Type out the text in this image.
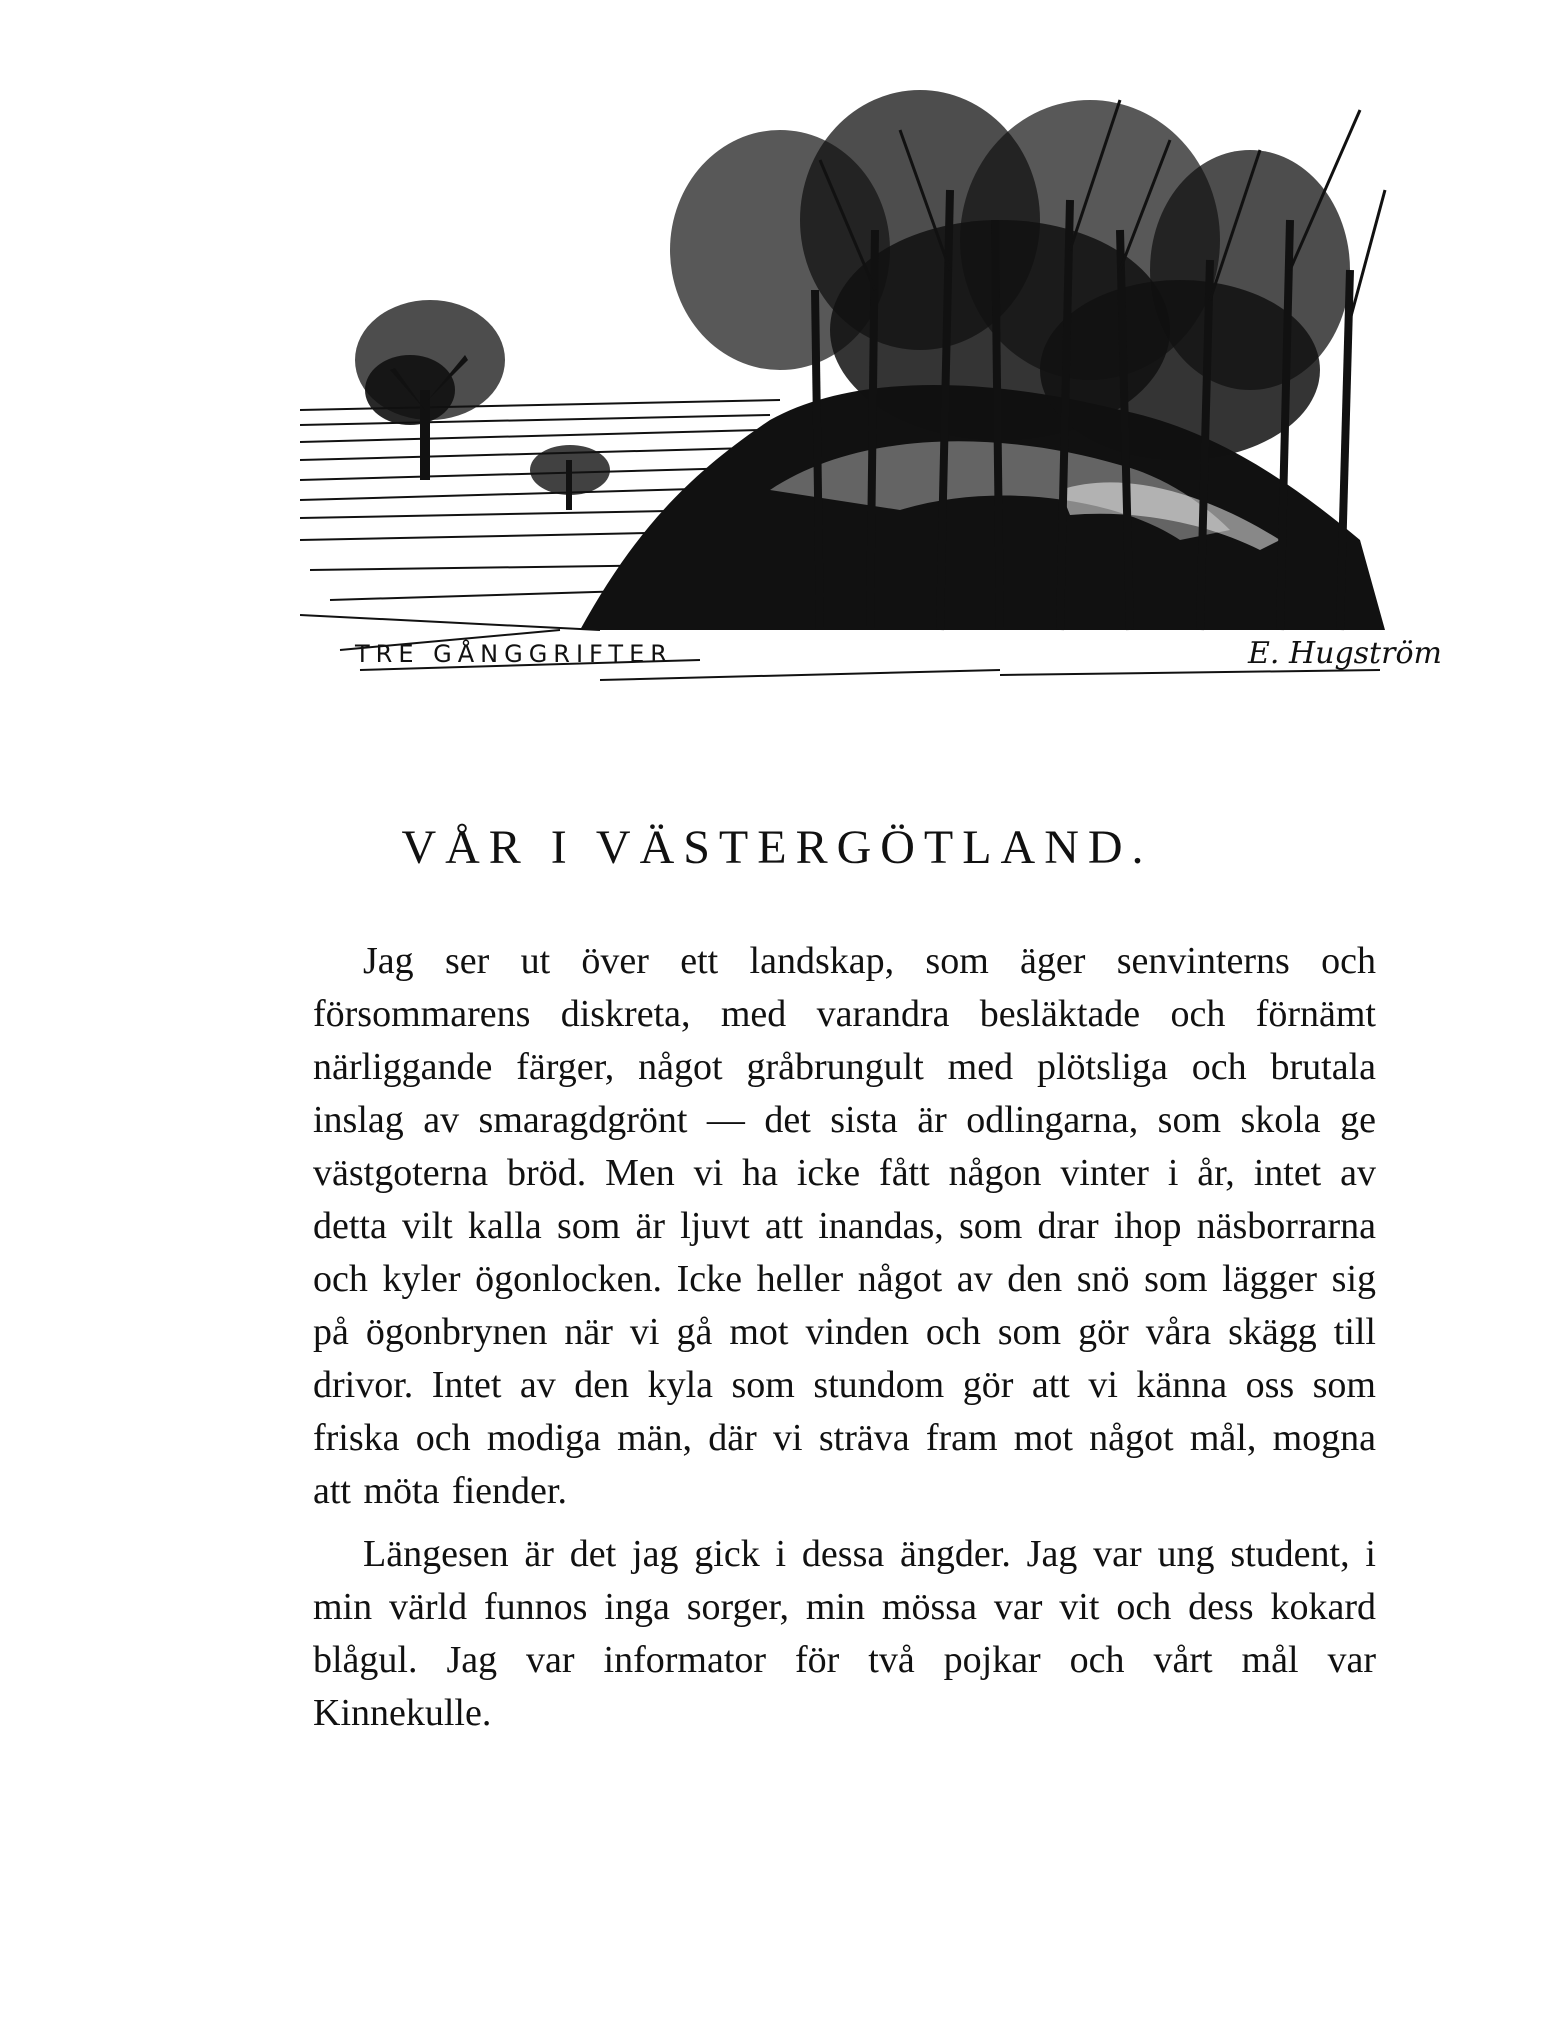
TRE GÅNGGRIFTER	E. Hugström
VÅR I VÄSTERGÖTLAND.

Jag ser ut över ett landskap, som äger senvinterns och försommarens diskreta, med varandra besläktade och förnämt närliggande färger, något gråbrungult med plötsliga och brutala inslag av smaragdgrönt — det sista är odlingarna, som skola ge västgoterna bröd. Men vi ha icke fått någon vinter i år, intet av detta vilt kalla som är ljuvt att inandas, som drar ihop näsborrarna och kyler ögonlocken. Icke heller något av den snö som lägger sig på ögonbrynen när vi gå mot vinden och som gör våra skägg till drivor. Intet av den kyla som stundom gör att vi känna oss som friska och modiga män, där vi sträva fram mot något mål, mogna att möta fiender.

Längesen är det jag gick i dessa ängder. Jag var ung student, i min värld funnos inga sorger, min mössa var vit och dess kokard blågul. Jag var informator för två pojkar och vårt mål var Kinnekulle.
